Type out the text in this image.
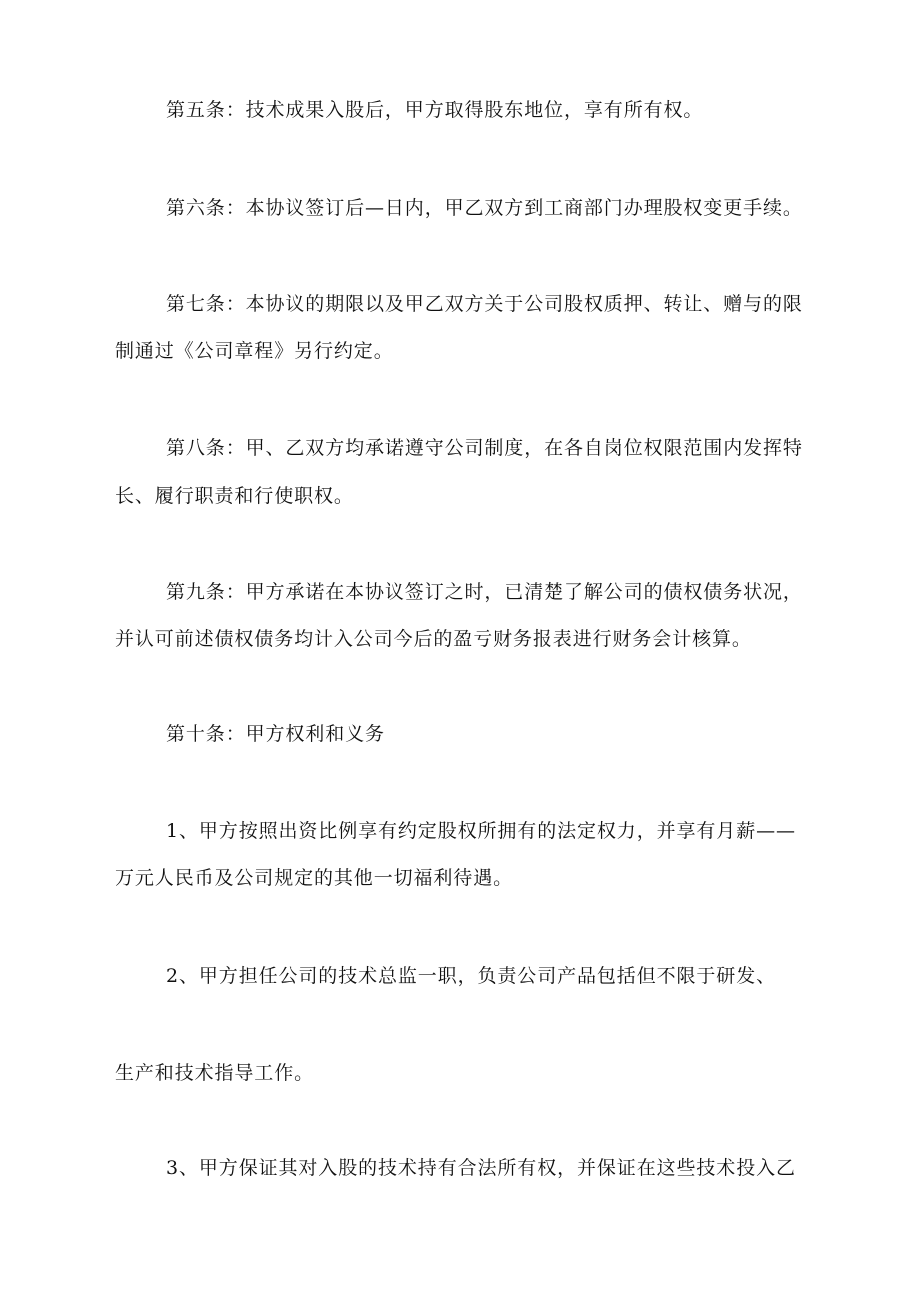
第五条：技术成果入股后，甲方取得股东地位，享有所有权。
第六条：本协议签订后—日内，甲乙双方到工商部门办理股权变更手续。
第七条：本协议的期限以及甲乙双方关于公司股权质押、转让、赠与的限
制通过《公司章程》另行约定。
第八条：甲、乙双方均承诺遵守公司制度，在各自岗位权限范围内发挥特
长、履行职责和行使职权。
第九条：甲方承诺在本协议签订之时，已清楚了解公司的债权债务状况，
并认可前述债权债务均计入公司今后的盈亏财务报表进行财务会计核算。
第十条：甲方权利和义务
1、甲方按照出资比例享有约定股权所拥有的法定权力，并享有月薪——
万元人民币及公司规定的其他一切福利待遇。
2、甲方担任公司的技术总监一职，负责公司产品包括但不限于研发、
生产和技术指导工作。
3、甲方保证其对入股的技术持有合法所有权，并保证在这些技术投入乙
